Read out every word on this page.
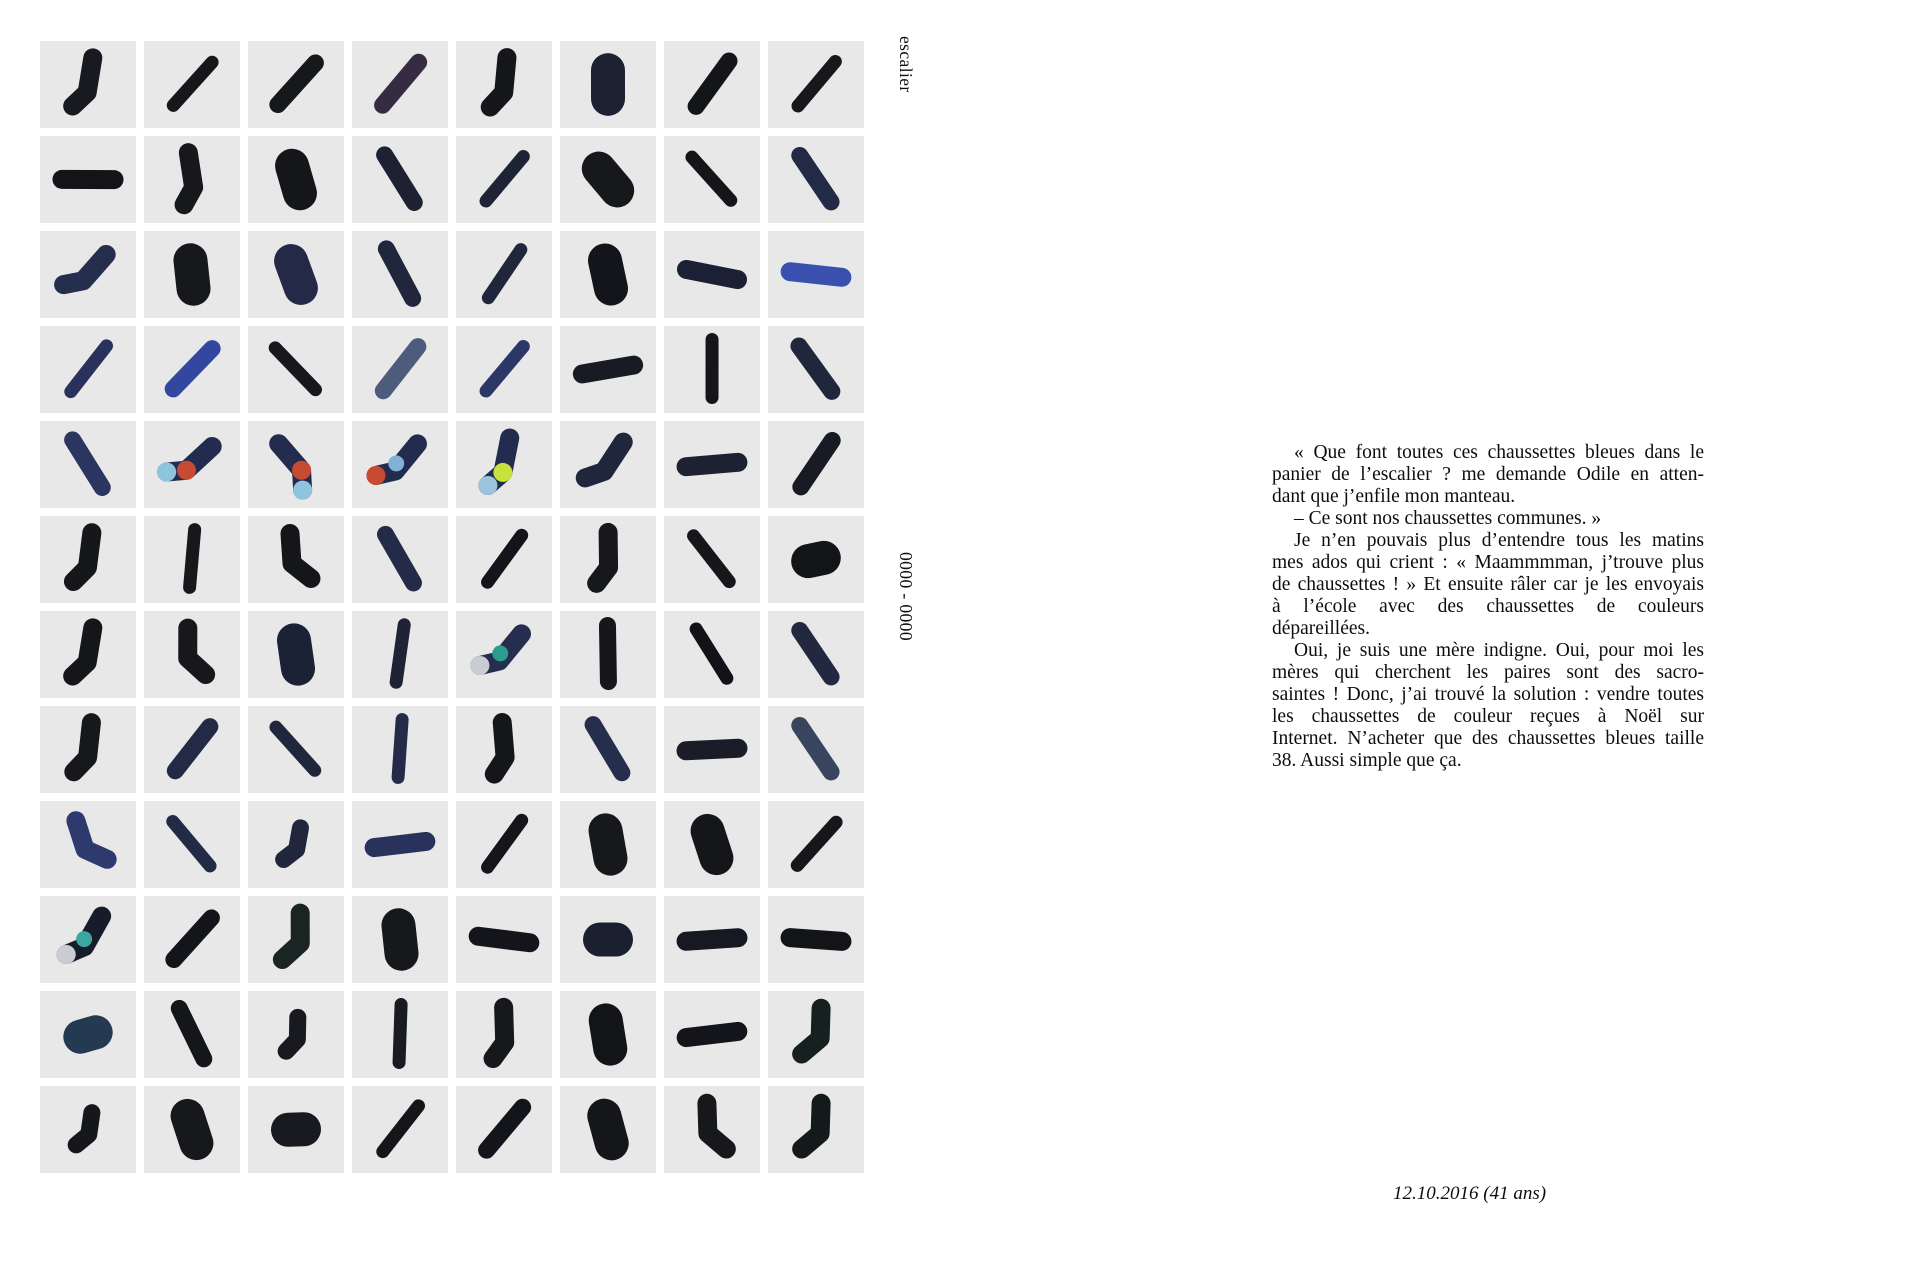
escalier
0000 - 0000

« Que font toutes ces chaussettes bleues dans le
panier de l’escalier ? me demande Odile en atten-
dant que j’enfile mon manteau.

– Ce sont nos chaussettes communes. »

Je n’en pouvais plus d’entendre tous les matins
mes ados qui crient : « Maammmman, j’trouve plus
de chaussettes ! » Et ensuite râler car je les envoyais
à l’école avec des chaussettes de couleurs
dépareillées.

Oui, je suis une mère indigne. Oui, pour moi les
mères qui cherchent les paires sont des sacro-
saintes ! Donc, j’ai trouvé la solution : vendre toutes
les chaussettes de couleur reçues à Noël sur
Internet. N’acheter que des chaussettes bleues taille
38. Aussi simple que ça.

12.10.2016 (41 ans)
